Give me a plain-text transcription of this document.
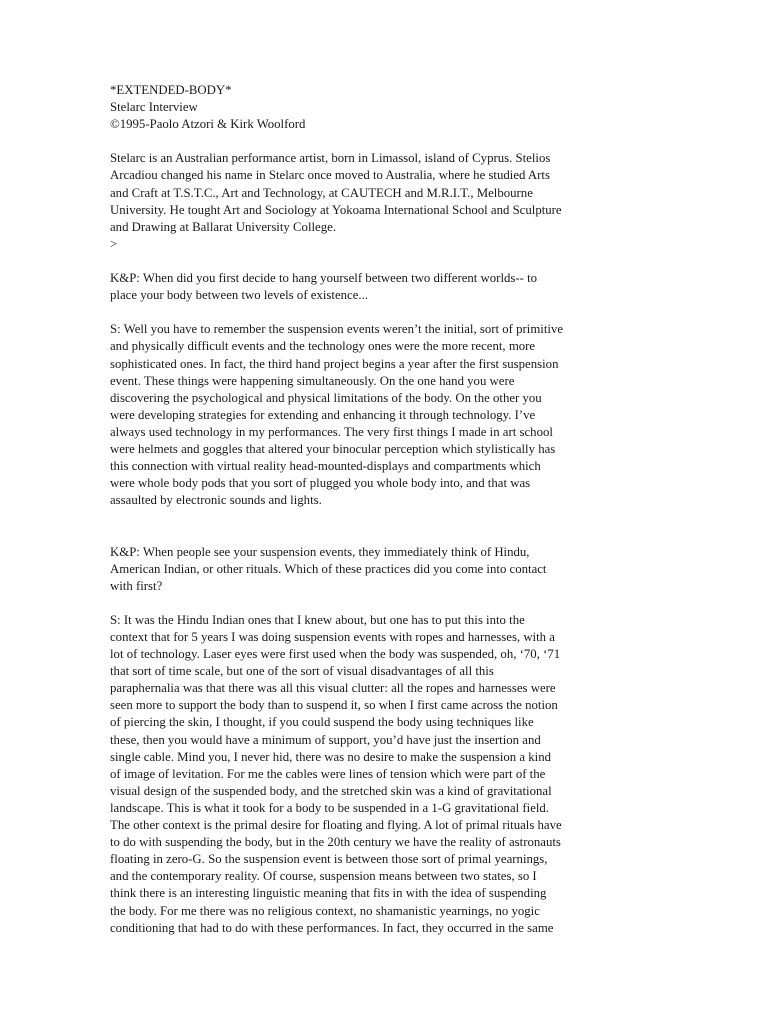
*EXTENDED-BODY*
Stelarc Interview
©1995-Paolo Atzori & Kirk Woolford
Stelarc is an Australian performance artist, born in Limassol, island of Cyprus. Stelios
Arcadiou changed his name in Stelarc once moved to Australia, where he studied Arts
and Craft at T.S.T.C., Art and Technology, at CAUTECH and M.R.I.T., Melbourne
University. He tought Art and Sociology at Yokoama International School and Sculpture
and Drawing at Ballarat University College.
>
K&P: When did you first decide to hang yourself between two different worlds-- to
place your body between two levels of existence...
S: Well you have to remember the suspension events weren’t the initial, sort of primitive
and physically difficult events and the technology ones were the more recent, more
sophisticated ones. In fact, the third hand project begins a year after the first suspension
event. These things were happening simultaneously. On the one hand you were
discovering the psychological and physical limitations of the body. On the other you
were developing strategies for extending and enhancing it through technology. I’ve
always used technology in my performances. The very first things I made in art school
were helmets and goggles that altered your binocular perception which stylistically has
this connection with virtual reality head-mounted-displays and compartments which
were whole body pods that you sort of plugged you whole body into, and that was
assaulted by electronic sounds and lights.
K&P: When people see your suspension events, they immediately think of Hindu,
American Indian, or other rituals. Which of these practices did you come into contact
with first?
S: It was the Hindu Indian ones that I knew about, but one has to put this into the
context that for 5 years I was doing suspension events with ropes and harnesses, with a
lot of technology. Laser eyes were first used when the body was suspended, oh, ‘70, ‘71
that sort of time scale, but one of the sort of visual disadvantages of all this
paraphernalia was that there was all this visual clutter: all the ropes and harnesses were
seen more to support the body than to suspend it, so when I first came across the notion
of piercing the skin, I thought, if you could suspend the body using techniques like
these, then you would have a minimum of support, you’d have just the insertion and
single cable. Mind you, I never hid, there was no desire to make the suspension a kind
of image of levitation. For me the cables were lines of tension which were part of the
visual design of the suspended body, and the stretched skin was a kind of gravitational
landscape. This is what it took for a body to be suspended in a 1-G gravitational field.
The other context is the primal desire for floating and flying. A lot of primal rituals have
to do with suspending the body, but in the 20th century we have the reality of astronauts
floating in zero-G. So the suspension event is between those sort of primal yearnings,
and the contemporary reality. Of course, suspension means between two states, so I
think there is an interesting linguistic meaning that fits in with the idea of suspending
the body. For me there was no religious context, no shamanistic yearnings, no yogic
conditioning that had to do with these performances. In fact, they occurred in the same
